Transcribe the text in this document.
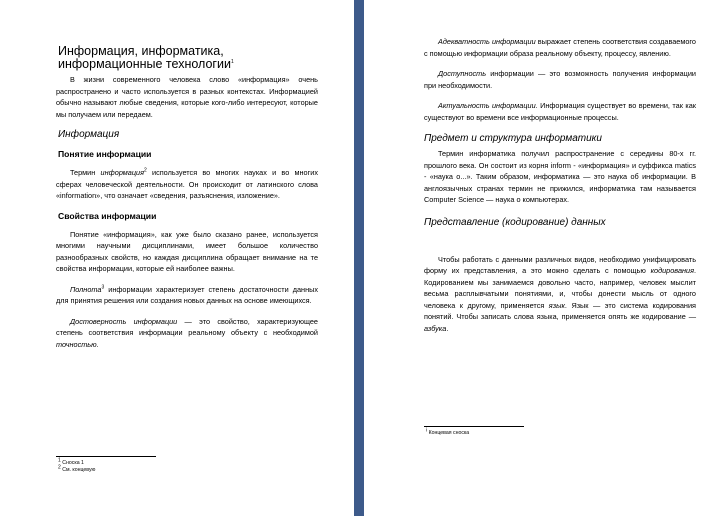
Информация, информатика, информационные технологии$^1$

В жизни современного человека слово «информация» очень распространено и часто используется в разных контекстах. Информацией обычно называют любые сведения, которые кого-либо интересуют, которые мы получаем или передаем.

Информация
Понятие информации

Термин информация$^2$ используется во многих науках и во многих сферах человеческой деятельности. Он происходит от латинского слова «information», что означает «сведения, разъяснения, изложение».

Свойства информации

Понятие «информация», как уже было сказано ранее, используется многими научными дисциплинами, имеет большое количество разнообразных свойств, но каждая дисциплина обращает внимание на те свойства информации, которые ей наиболее важны.

Полнота$^3$ информации характеризует степень достаточности данных для принятия решения или создания новых данных на основе имеющихся.

Достоверность информации — это свойство, характеризующее степень соответствия информации реальному объекту с необходимой точностью.

$^1$ Сноска 1
$^2$ См. концевую

Адекватность информации выражает степень соответствия создаваемого с помощью информации образа реальному объекту, процессу, явлению.

Доступность информации — это возможность получения информации при необходимости.

Актуальность информации. Информация существует во времени, так как существуют во времени все информационные процессы.

Предмет и структура информатики

Термин информатика получил распространение с середины 80-х гг. прошлого века. Он состоит из корня inform - «информация» и суффикса matics - «наука о...». Таким образом, информатика — это наука об информации. В англоязычных странах термин не прижился, информатика там называется Computer Science — наука о компьютерах.

Представление (кодирование) данных

Чтобы работать с данными различных видов, необходимо унифицировать форму их представления, а это можно сделать с помощью кодирования. Кодированием мы занимаемся довольно часто, например, человек мыслит весьма расплывчатыми понятиями, и, чтобы донести мысль от одного человека к другому, применяется язык. Язык — это система кодирования понятий. Чтобы записать слова языка, применяется опять же кодирование — азбука.

$^i$ Концевая сноска
